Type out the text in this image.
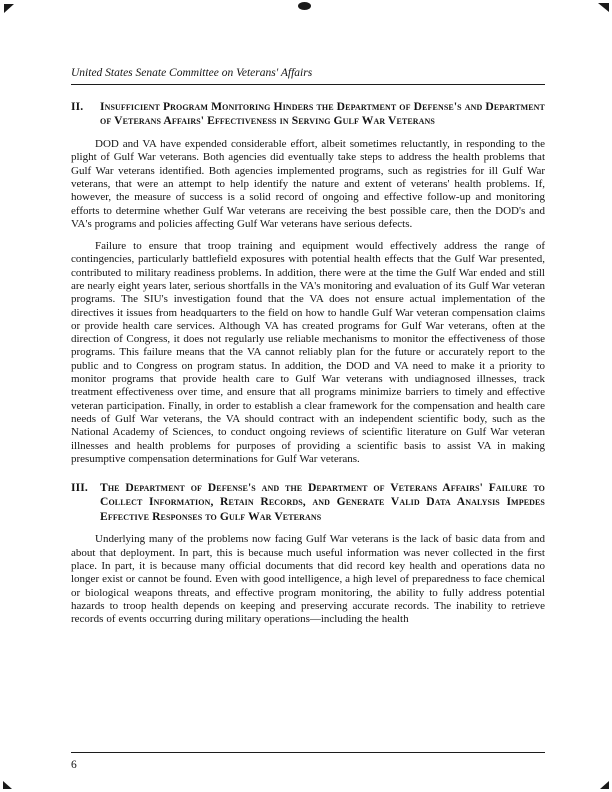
United States Senate Committee on Veterans' Affairs
II. Insufficient Program Monitoring Hinders the Department of Defense's and Department of Veterans Affairs' Effectiveness in Serving Gulf War Veterans

DOD and VA have expended considerable effort, albeit sometimes reluctantly, in responding to the plight of Gulf War veterans. Both agencies did eventually take steps to address the health problems that Gulf War veterans identified. Both agencies implemented programs, such as registries for ill Gulf War veterans, that were an attempt to help identify the nature and extent of veterans' health problems. If, however, the measure of success is a solid record of ongoing and effective follow-up and monitoring efforts to determine whether Gulf War veterans are receiving the best possible care, then the DOD's and VA's programs and policies affecting Gulf War veterans have serious defects.

Failure to ensure that troop training and equipment would effectively address the range of contingencies, particularly battlefield exposures with potential health effects that the Gulf War presented, contributed to military readiness problems. In addition, there were at the time the Gulf War ended and still are nearly eight years later, serious shortfalls in the VA's monitoring and evaluation of its Gulf War veteran programs. The SIU's investigation found that the VA does not ensure actual implementation of the directives it issues from headquarters to the field on how to handle Gulf War veteran compensation claims or provide health care services. Although VA has created programs for Gulf War veterans, often at the direction of Congress, it does not regularly use reliable mechanisms to monitor the effectiveness of those programs. This failure means that the VA cannot reliably plan for the future or accurately report to the public and to Congress on program status. In addition, the DOD and VA need to make it a priority to monitor programs that provide health care to Gulf War veterans with undiagnosed illnesses, track treatment effectiveness over time, and ensure that all programs minimize barriers to timely and effective veteran participation. Finally, in order to establish a clear framework for the compensation and health care needs of Gulf War veterans, the VA should contract with an independent scientific body, such as the National Academy of Sciences, to conduct ongoing reviews of scientific literature on Gulf War veteran illnesses and health problems for purposes of providing a scientific basis to assist VA in making presumptive compensation determinations for Gulf War veterans.

III. The Department of Defense's and the Department of Veterans Affairs' Failure to Collect Information, Retain Records, and Generate Valid Data Analysis Impedes Effective Responses to Gulf War Veterans

Underlying many of the problems now facing Gulf War veterans is the lack of basic data from and about that deployment. In part, this is because much useful information was never collected in the first place. In part, it is because many official documents that did record key health and operations data no longer exist or cannot be found. Even with good intelligence, a high level of preparedness to face chemical or biological weapons threats, and effective program monitoring, the ability to fully address potential hazards to troop health depends on keeping and preserving accurate records. The inability to retrieve records of events occurring during military operations—including the health

6
